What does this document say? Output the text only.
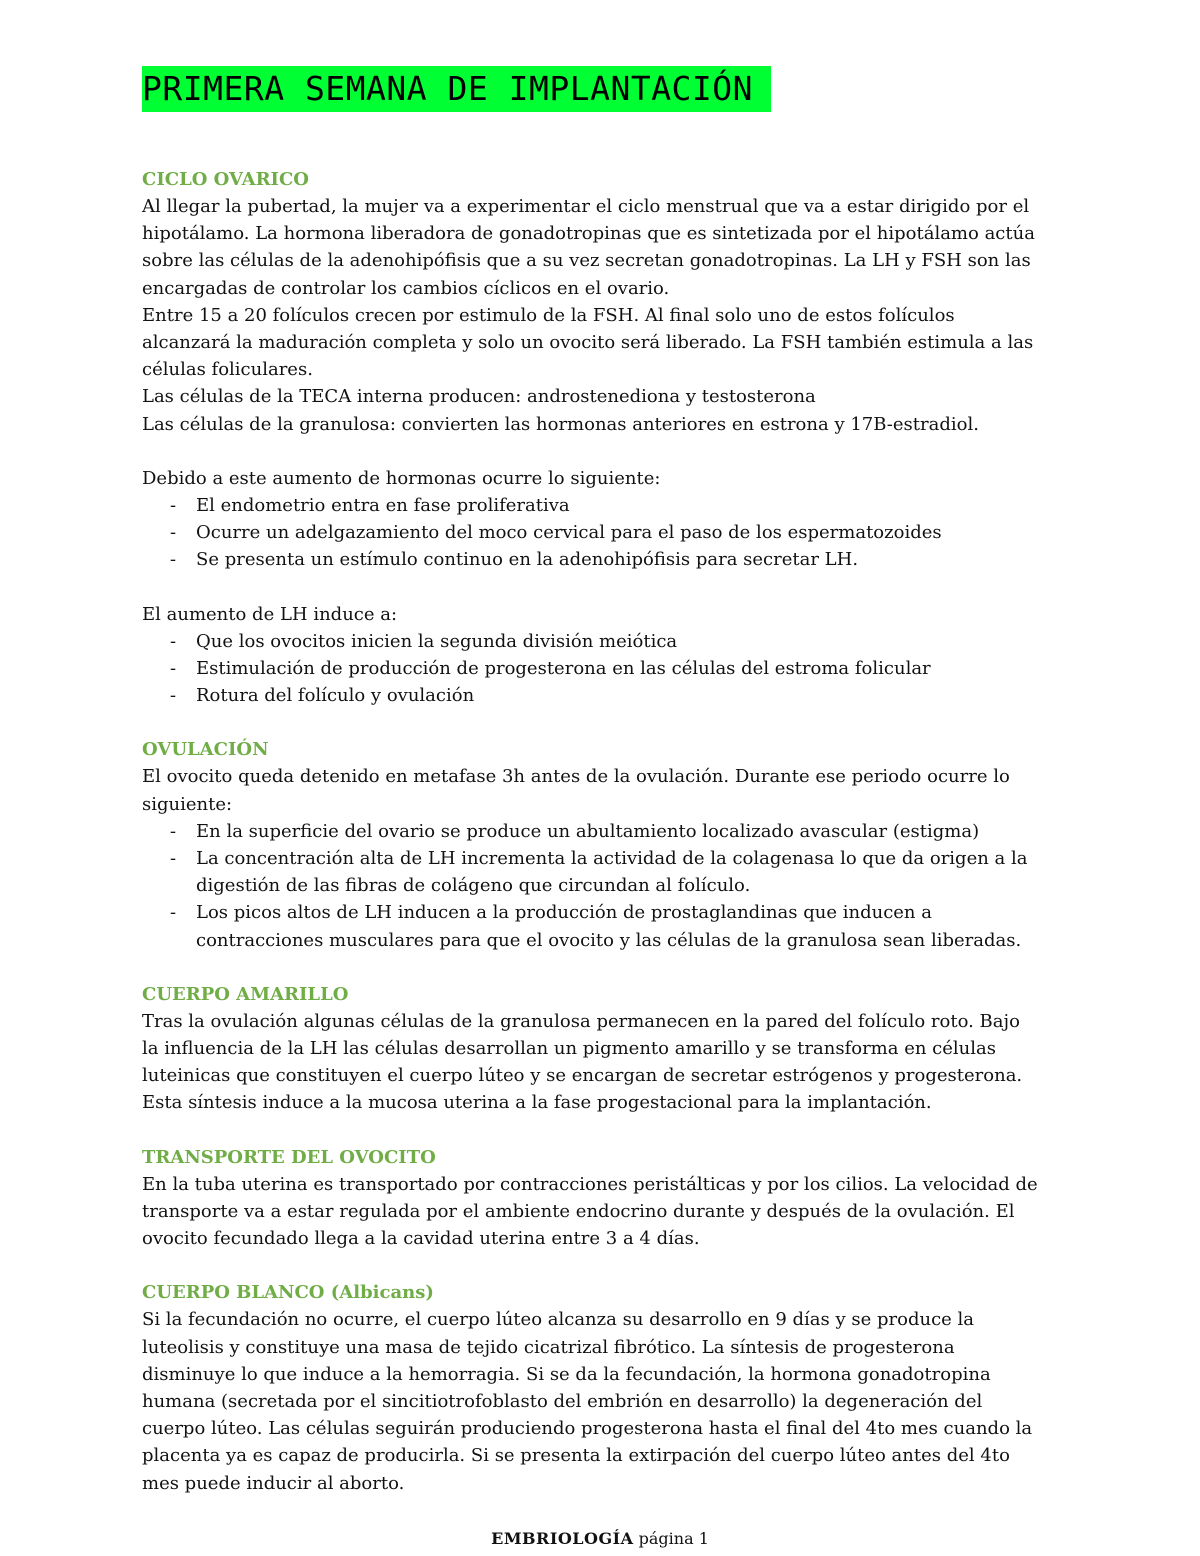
PRIMERA SEMANA DE IMPLANTACIÓN
CICLO OVARICO

Al llegar la pubertad, la mujer va a experimentar el ciclo menstrual que va a estar dirigido por el hipotálamo. La hormona liberadora de gonadotropinas que es sintetizada por el hipotálamo actúa sobre las células de la adenohipófisis que a su vez secretan gonadotropinas. La LH y FSH son las encargadas de controlar los cambios cíclicos en el ovario.

Entre 15 a 20 folículos crecen por estimulo de la FSH. Al final solo uno de estos folículos alcanzará la maduración completa y solo un ovocito será liberado. La FSH también estimula a las células foliculares.

Las células de la TECA interna producen: androstenediona y testosterona

Las células de la granulosa: convierten las hormonas anteriores en estrona y 17B-estradiol.

Debido a este aumento de hormonas ocurre lo siguiente:

- El endometrio entra en fase proliferativa
- Ocurre un adelgazamiento del moco cervical para el paso de los espermatozoides
- Se presenta un estímulo continuo en la adenohipófisis para secretar LH.

El aumento de LH induce a:

- Que los ovocitos inicien la segunda división meiótica
- Estimulación de producción de progesterona en las células del estroma folicular
- Rotura del folículo y ovulación
OVULACIÓN

El ovocito queda detenido en metafase 3h antes de la ovulación. Durante ese periodo ocurre lo siguiente:

- En la superficie del ovario se produce un abultamiento localizado avascular (estigma)
- La concentración alta de LH incrementa la actividad de la colagenasa lo que da origen a la digestión de las fibras de colágeno que circundan al folículo.
- Los picos altos de LH inducen a la producción de prostaglandinas que inducen a contracciones musculares para que el ovocito y las células de la granulosa sean liberadas.
CUERPO AMARILLO

Tras la ovulación algunas células de la granulosa permanecen en la pared del folículo roto. Bajo la influencia de la LH las células desarrollan un pigmento amarillo y se transforma en células luteinicas que constituyen el cuerpo lúteo y se encargan de secretar estrógenos y progesterona. Esta síntesis induce a la mucosa uterina a la fase progestacional para la implantación.

TRANSPORTE DEL OVOCITO

En la tuba uterina es transportado por contracciones peristálticas y por los cilios. La velocidad de transporte va a estar regulada por el ambiente endocrino durante y después de la ovulación. El ovocito fecundado llega a la cavidad uterina entre 3 a 4 días.

CUERPO BLANCO (Albicans)

Si la fecundación no ocurre, el cuerpo lúteo alcanza su desarrollo en 9 días y se produce la luteolisis y constituye una masa de tejido cicatrizal fibrótico. La síntesis de progesterona disminuye lo que induce a la hemorragia. Si se da la fecundación, la hormona gonadotropina humana (secretada por el sincitiotrofoblasto del embrión en desarrollo) la degeneración del cuerpo lúteo. Las células seguirán produciendo progesterona hasta el final del 4to mes cuando la placenta ya es capaz de producirla. Si se presenta la extirpación del cuerpo lúteo antes del 4to mes puede inducir al aborto.

EMBRIOLOGÍA página 1
